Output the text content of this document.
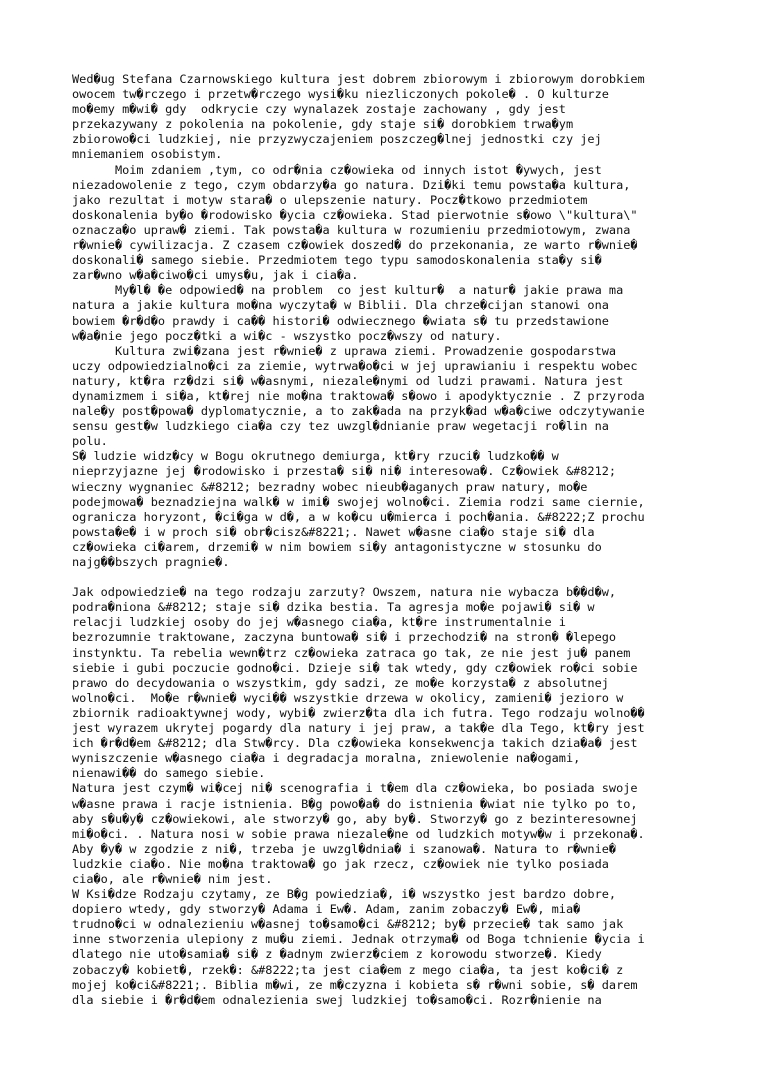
Wed�ug Stefana Czarnowskiego kultura jest dobrem zbiorowym i zbiorowym dorobkiem
owocem tw�rczego i przetw�rczego wysi�ku niezliczonych pokole� . O kulturze
mo�emy m�wi� gdy  odkrycie czy wynalazek zostaje zachowany , gdy jest
przekazywany z pokolenia na pokolenie, gdy staje si� dorobkiem trwa�ym
zbiorowo�ci ludzkiej, nie przyzwyczajeniem poszczeg�lnej jednostki czy jej
mniemaniem osobistym.
Moim zdaniem ,tym, co odr�nia cz�owieka od innych istot �ywych, jest
niezadowolenie z tego, czym obdarzy�a go natura. Dzi�ki temu powsta�a kultura,
jako rezultat i motyw stara� o ulepszenie natury. Pocz�tkowo przedmiotem
doskonalenia by�o �rodowisko �ycia cz�owieka. Stad pierwotnie s�owo \"kultura\"
oznacza�o upraw� ziemi. Tak powsta�a kultura w rozumieniu przedmiotowym, zwana
r�wnie� cywilizacja. Z czasem cz�owiek doszed� do przekonania, ze warto r�wnie�
doskonali� samego siebie. Przedmiotem tego typu samodoskonalenia sta�y si�
zar�wno w�a�ciwo�ci umys�u, jak i cia�a.
My�l� �e odpowied� na problem  co jest kultur�  a natur� jakie prawa ma
natura a jakie kultura mo�na wyczyta� w Biblii. Dla chrze�cijan stanowi ona
bowiem �r�d�o prawdy i ca�� histori� odwiecznego �wiata s� tu przedstawione
w�a�nie jego pocz�tki a wi�c - wszystko pocz�wszy od natury.
Kultura zwi�zana jest r�wnie� z uprawa ziemi. Prowadzenie gospodarstwa
uczy odpowiedzialno�ci za ziemie, wytrwa�o�ci w jej uprawianiu i respektu wobec
natury, kt�ra rz�dzi si� w�asnymi, niezale�nymi od ludzi prawami. Natura jest
dynamizmem i si�a, kt�rej nie mo�na traktowa� s�owo i apodyktycznie . Z przyroda
nale�y post�powa� dyplomatycznie, a to zak�ada na przyk�ad w�a�ciwe odczytywanie
sensu gest�w ludzkiego cia�a czy tez uwzgl�dnianie praw wegetacji ro�lin na
polu.
S� ludzie widz�cy w Bogu okrutnego demiurga, kt�ry rzuci� ludzko�� w
nieprzyjazne jej �rodowisko i przesta� si� ni� interesowa�. Cz�owiek &#8212;
wieczny wygnaniec &#8212; bezradny wobec nieub�aganych praw natury, mo�e
podejmowa� beznadziejna walk� w imi� swojej wolno�ci. Ziemia rodzi same ciernie,
ogranicza horyzont, �ci�ga w d�, a w ko�cu u�mierca i poch�ania. &#8222;Z prochu
powsta�e� i w proch si� obr�cisz&#8221;. Nawet w�asne cia�o staje si� dla
cz�owieka ci�arem, drzemi� w nim bowiem si�y antagonistyczne w stosunku do
najg��bszych pragnie�.
Jak odpowiedzie� na tego rodzaju zarzuty? Owszem, natura nie wybacza b��d�w,
podra�niona &#8212; staje si� dzika bestia. Ta agresja mo�e pojawi� si� w
relacji ludzkiej osoby do jej w�asnego cia�a, kt�re instrumentalnie i
bezrozumnie traktowane, zaczyna buntowa� si� i przechodzi� na stron� �lepego
instynktu. Ta rebelia wewn�trz cz�owieka zatraca go tak, ze nie jest ju� panem
siebie i gubi poczucie godno�ci. Dzieje si� tak wtedy, gdy cz�owiek ro�ci sobie
prawo do decydowania o wszystkim, gdy sadzi, ze mo�e korzysta� z absolutnej
wolno�ci.  Mo�e r�wnie� wyci�� wszystkie drzewa w okolicy, zamieni� jezioro w
zbiornik radioaktywnej wody, wybi� zwierz�ta dla ich futra. Tego rodzaju wolno��
jest wyrazem ukrytej pogardy dla natury i jej praw, a tak�e dla Tego, kt�ry jest
ich �r�d�em &#8212; dla Stw�rcy. Dla cz�owieka konsekwencja takich dzia�a� jest
wyniszczenie w�asnego cia�a i degradacja moralna, zniewolenie na�ogami,
nienawi�� do samego siebie.
Natura jest czym� wi�cej ni� scenografia i t�em dla cz�owieka, bo posiada swoje
w�asne prawa i racje istnienia. B�g powo�a� do istnienia �wiat nie tylko po to,
aby s�u�y� cz�owiekowi, ale stworzy� go, aby by�. Stworzy� go z bezinteresownej
mi�o�ci. . Natura nosi w sobie prawa niezale�ne od ludzkich motyw�w i przekona�.
Aby �y� w zgodzie z ni�, trzeba je uwzgl�dnia� i szanowa�. Natura to r�wnie�
ludzkie cia�o. Nie mo�na traktowa� go jak rzecz, cz�owiek nie tylko posiada
cia�o, ale r�wnie� nim jest.
W Ksi�dze Rodzaju czytamy, ze B�g powiedzia�, i� wszystko jest bardzo dobre,
dopiero wtedy, gdy stworzy� Adama i Ew�. Adam, zanim zobaczy� Ew�, mia�
trudno�ci w odnalezieniu w�asnej to�samo�ci &#8212; by� przecie� tak samo jak
inne stworzenia ulepiony z mu�u ziemi. Jednak otrzyma� od Boga tchnienie �ycia i
dlatego nie uto�samia� si� z �adnym zwierz�ciem z korowodu stworze�. Kiedy
zobaczy� kobiet�, rzek�: &#8222;ta jest cia�em z mego cia�a, ta jest ko�ci� z
mojej ko�ci&#8221;. Biblia m�wi, ze m�czyzna i kobieta s� r�wni sobie, s� darem
dla siebie i �r�d�em odnalezienia swej ludzkiej to�samo�ci. Rozr�nienie na
